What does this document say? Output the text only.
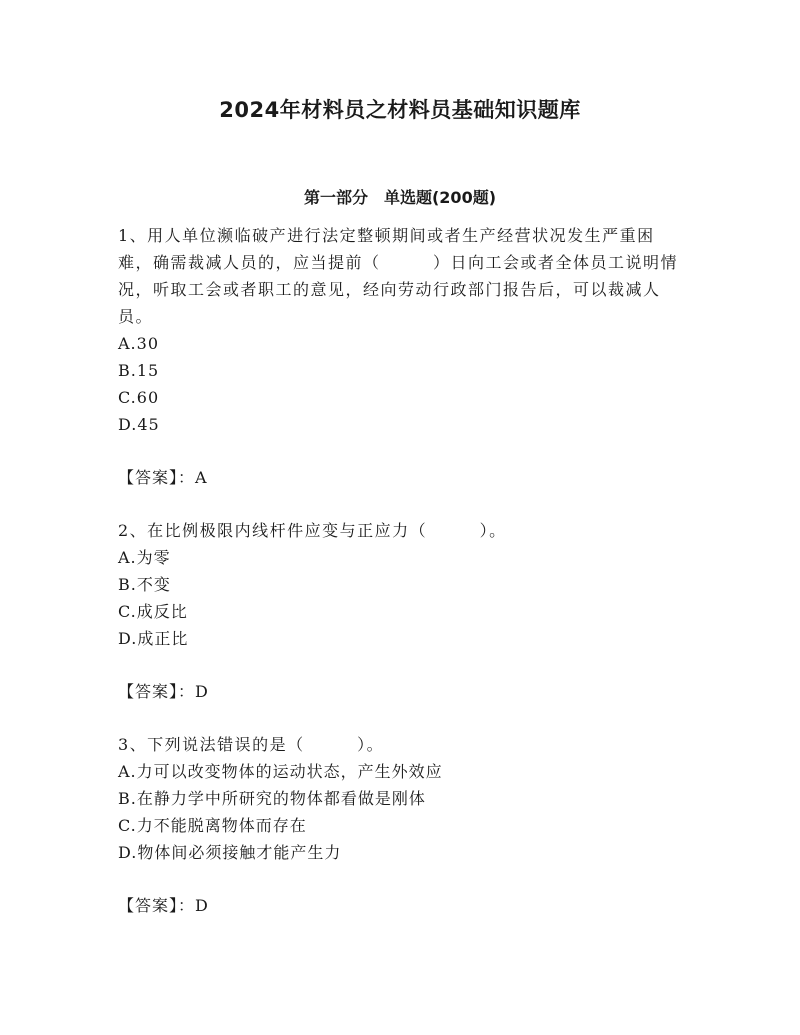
2024年材料员之材料员基础知识题库
第一部分　单选题(200题)

1、用人单位濒临破产进行法定整顿期间或者生产经营状况发生严重困难，确需裁减人员的，应当提前（　　　）日向工会或者全体员工说明情况，听取工会或者职工的意见，经向劳动行政部门报告后，可以裁减人员。

A.30

B.15

C.60

D.45

【答案】：A

2、在比例极限内线杆件应变与正应力（　　　）。

A.为零

B.不变

C.成反比

D.成正比

【答案】：D

3、下列说法错误的是（　　　）。

A.力可以改变物体的运动状态，产生外效应

B.在静力学中所研究的物体都看做是刚体

C.力不能脱离物体而存在

D.物体间必须接触才能产生力

【答案】：D
